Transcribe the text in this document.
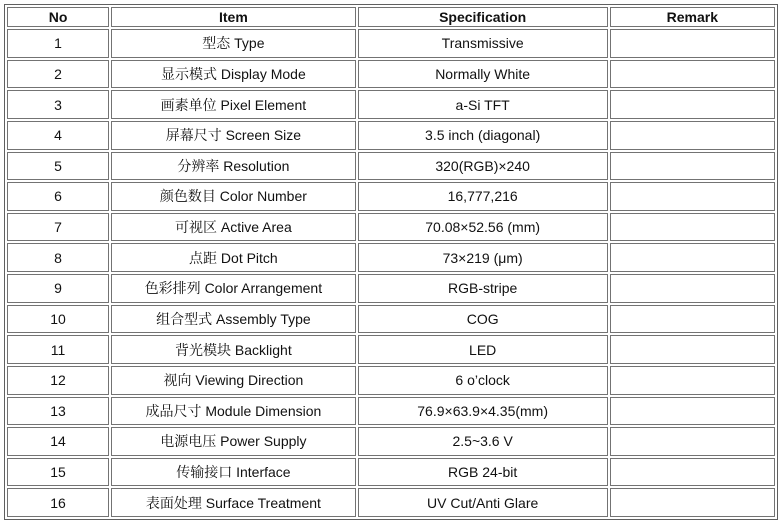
No	Item	Specification	Remark
1	型态 Type	Transmissive	
2	显示模式 Display Mode	Normally White	
3	画素单位 Pixel Element	a-Si TFT	
4	屏幕尺寸 Screen Size	3.5 inch (diagonal)	
5	分辨率 Resolution	320(RGB)×240	
6	颜色数目 Color Number	16,777,216	
7	可视区 Active Area	70.08×52.56 (mm)	
8	点距 Dot Pitch	73×219 (μm)	
9	色彩排列 Color Arrangement	RGB-stripe	
10	组合型式 Assembly Type	COG	
11	背光模块 Backlight	LED	
12	视向 Viewing Direction	6 o’clock	
13	成品尺寸 Module Dimension	76.9×63.9×4.35(mm)	
14	电源电压 Power Supply	2.5~3.6 V	
15	传输接口 Interface	RGB 24-bit	
16	表面处理 Surface Treatment	UV Cut/Anti Glare	
